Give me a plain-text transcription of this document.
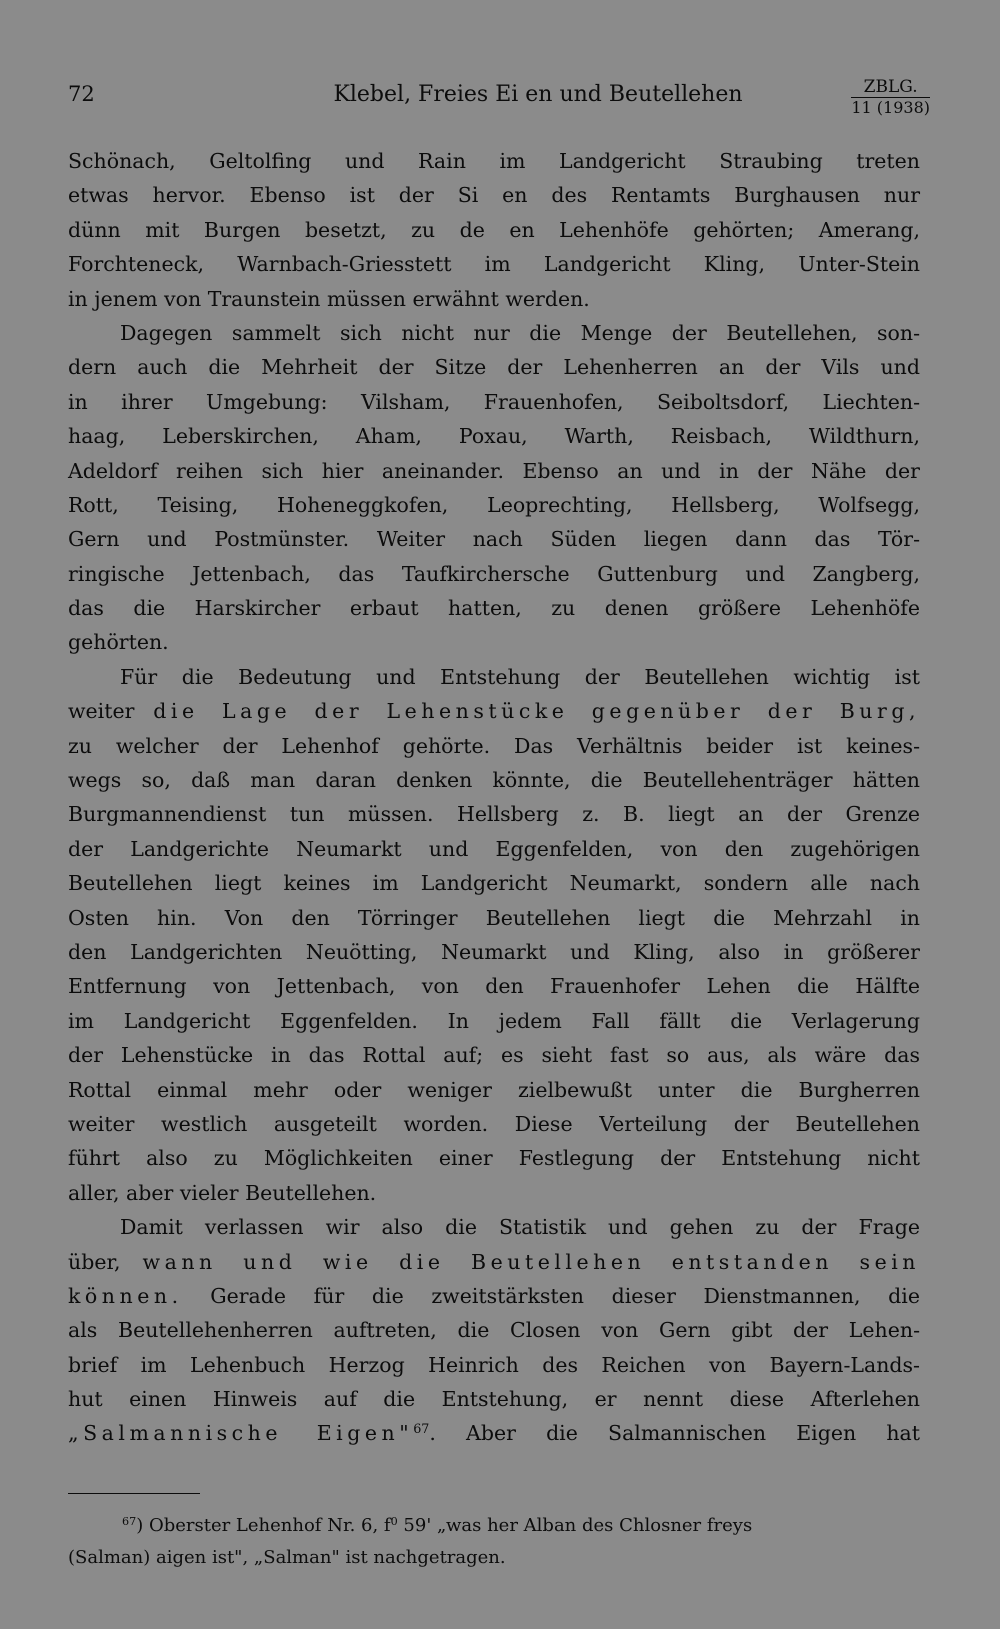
72	Klebel, Freies Ei en und Beutellehen	ZBLG.
11 (1938)
Schönach, Geltolfing und Rain im Landgericht Straubing treten
etwas hervor. Ebenso ist der Si en des Rentamts Burghausen nur
dünn mit Burgen besetzt, zu de en Lehenhöfe gehörten; Amerang,
Forchteneck, Warnbach-Griesstett im Landgericht Kling, Unter-Stein
in jenem von Traunstein müssen erwähnt werden.
Dagegen sammelt sich nicht nur die Menge der Beutellehen, son-
dern auch die Mehrheit der Sitze der Lehenherren an der Vils und
in ihrer Umgebung: Vilsham, Frauenhofen, Seiboltsdorf, Liechten-
haag, Leberskirchen, Aham, Poxau, Warth, Reisbach, Wildthurn,
Adeldorf reihen sich hier aneinander. Ebenso an und in der Nähe der
Rott, Teising, Hoheneggkofen, Leoprechting, Hellsberg, Wolfsegg,
Gern und Postmünster. Weiter nach Süden liegen dann das Tör-
ringische Jettenbach, das Taufkirchersche Guttenburg und Zangberg,
das die Harskircher erbaut hatten, zu denen größere Lehenhöfe
gehörten.
Für die Bedeutung und Entstehung der Beutellehen wichtig ist
weiter die Lage der Lehenstücke gegenüber der Burg,
zu welcher der Lehenhof gehörte. Das Verhältnis beider ist keines-
wegs so, daß man daran denken könnte, die Beutellehenträger hätten
Burgmannendienst tun müssen. Hellsberg z. B. liegt an der Grenze
der Landgerichte Neumarkt und Eggenfelden, von den zugehörigen
Beutellehen liegt keines im Landgericht Neumarkt, sondern alle nach
Osten hin. Von den Törringer Beutellehen liegt die Mehrzahl in
den Landgerichten Neuötting, Neumarkt und Kling, also in größerer
Entfernung von Jettenbach, von den Frauenhofer Lehen die Hälfte
im Landgericht Eggenfelden. In jedem Fall fällt die Verlagerung
der Lehenstücke in das Rottal auf; es sieht fast so aus, als wäre das
Rottal einmal mehr oder weniger zielbewußt unter die Burgherren
weiter westlich ausgeteilt worden. Diese Verteilung der Beutellehen
führt also zu Möglichkeiten einer Festlegung der Entstehung nicht
aller, aber vieler Beutellehen.
Damit verlassen wir also die Statistik und gehen zu der Frage
über, wann und wie die Beutellehen entstanden sein
können. Gerade für die zweitstärksten dieser Dienstmannen, die
als Beutellehenherren auftreten, die Closen von Gern gibt der Lehen-
brief im Lehenbuch Herzog Heinrich des Reichen von Bayern-Lands-
hut einen Hinweis auf die Entstehung, er nennt diese Afterlehen
„Salmannische Eigen"$^{67}$. Aber die Salmannischen Eigen hat
$^{67}$) Oberster Lehenhof Nr. 6, $f^0$ 59' „was her Alban des Chlosner freys
(Salman) aigen ist", „Salman" ist nachgetragen.
